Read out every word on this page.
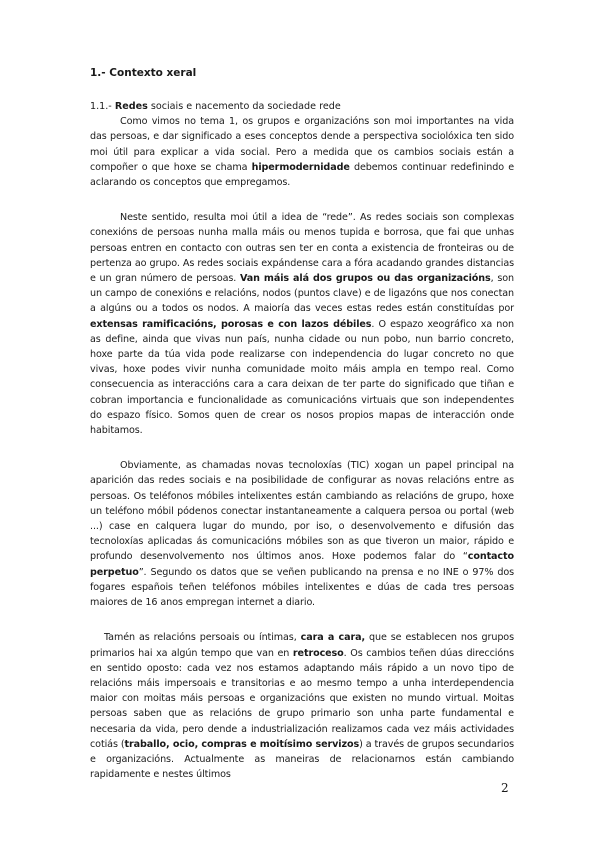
1.- Contexto xeral

1.1.- Redes sociais e nacemento da sociedade rede

Como vimos no tema 1, os grupos e organizacións son moi importantes na vida das persoas, e dar significado a eses conceptos dende a perspectiva sociolóxica ten sido moi útil para explicar a vida social. Pero a medida que os cambios sociais están a compoñer o que hoxe se chama hipermodernidade debemos continuar redefinindo e aclarando os conceptos que empregamos.

Neste sentido, resulta moi útil a idea de “rede”. As redes sociais son complexas conexións de persoas nunha malla máis ou menos tupida e borrosa, que fai que unhas persoas entren en contacto con outras sen ter en conta a existencia de fronteiras ou de pertenza ao grupo. As redes sociais expándense cara a fóra acadando grandes distancias e un gran número de persoas. Van máis alá dos grupos ou das organizacións, son un campo de conexións e relacións, nodos (puntos clave) e de ligazóns que nos conectan a algúns ou a todos os nodos. A maioría das veces estas redes están constituídas por extensas ramificacións, porosas e con lazos débiles. O espazo xeográfico xa non as define, ainda que vivas nun país, nunha cidade ou nun pobo, nun barrio concreto, hoxe parte da túa vida pode realizarse con independencia do lugar concreto no que vivas, hoxe podes vivir nunha comunidade moito máis ampla en tempo real. Como consecuencia as interaccións cara a cara deixan de ter parte do significado que tiñan e cobran importancia e funcionalidade as comunicacións virtuais que son independentes do espazo físico. Somos quen de crear os nosos propios mapas de interacción onde habitamos.

Obviamente, as chamadas novas tecnoloxías (TIC) xogan un papel principal na aparición das redes sociais e na posibilidade de configurar as novas relacións entre as persoas. Os teléfonos móbiles intelixentes están cambiando as relacións de grupo, hoxe un teléfono móbil pódenos conectar instantaneamente a calquera persoa ou portal (web ...) case en calquera lugar do mundo, por iso, o desenvolvemento e difusión das tecnoloxías aplicadas ás comunicacións móbiles son as que tiveron un maior, rápido e profundo desenvolvemento nos últimos anos. Hoxe podemos falar do “contacto perpetuo”. Segundo os datos que se veñen publicando na prensa e no INE o 97% dos fogares españois teñen teléfonos móbiles intelixentes e dúas de cada tres persoas maiores de 16 anos empregan internet a diario.

Tamén as relacións persoais ou íntimas, cara a cara, que se establecen nos grupos primarios hai xa algún tempo que van en retroceso. Os cambios teñen dúas direccións en sentido oposto: cada vez nos estamos adaptando máis rápido a un novo tipo de relacións máis impersoais e transitorias e ao mesmo tempo a unha interdependencia maior con moitas máis persoas e organizacións que existen no mundo virtual. Moitas persoas saben que as relacións de grupo primario son unha parte fundamental e necesaria da vida, pero dende a industrialización realizamos cada vez máis actividades cotiás (traballo, ocio, compras e moitísimo servizos) a través de grupos secundarios e organizacións. Actualmente as maneiras de relacionarnos están cambiando rapidamente e nestes últimos

2
